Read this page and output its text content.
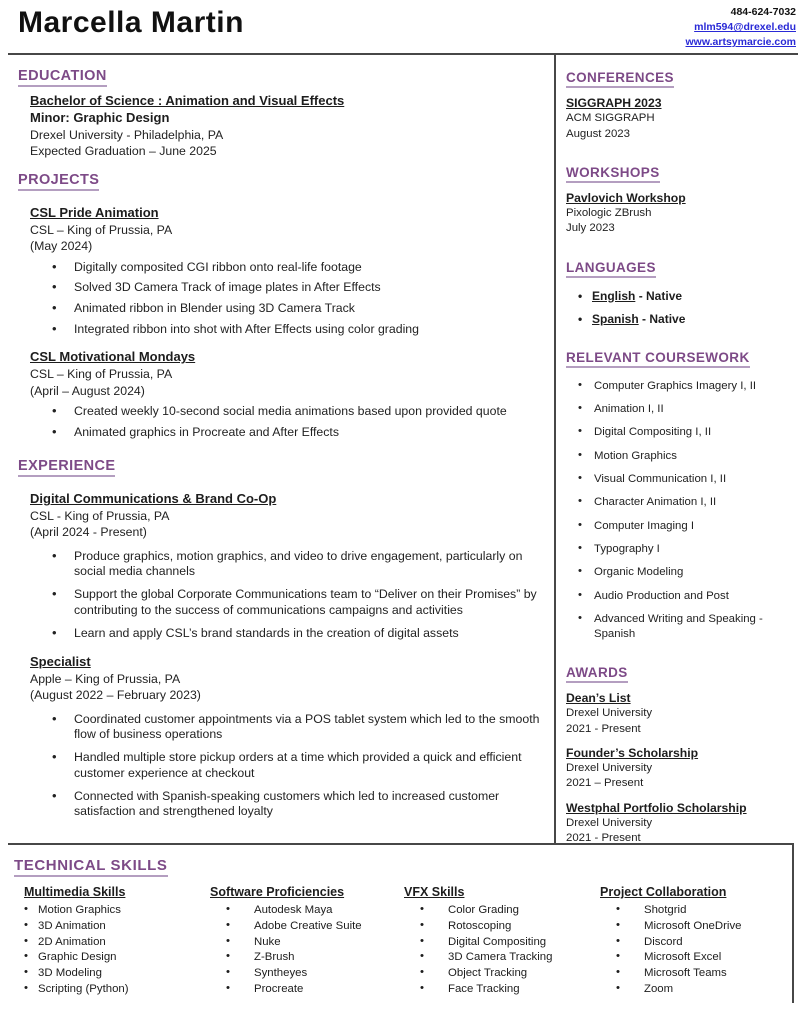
Marcella Martin	484-624-7032
mlm594@drexel.edu
www.artsymarcie.com
EDUCATION
Bachelor of Science : Animation and Visual Effects
Minor: Graphic Design
Drexel University - Philadelphia, PA
Expected Graduation – June 2025
PROJECTS
CSL Pride Animation
CSL – King of Prussia, PA
(May 2024)
• Digitally composited CGI ribbon onto real-life footage
• Solved 3D Camera Track of image plates in After Effects
• Animated ribbon in Blender using 3D Camera Track
• Integrated ribbon into shot with After Effects using color grading
CSL Motivational Mondays
CSL – King of Prussia, PA
(April – August 2024)
• Created weekly 10-second social media animations based upon provided quote
• Animated graphics in Procreate and After Effects
EXPERIENCE
Digital Communications & Brand Co-Op
CSL - King of Prussia, PA
(April 2024 - Present)
• Produce graphics, motion graphics, and video to drive engagement, particularly on social media channels
• Support the global Corporate Communications team to “Deliver on their Promises” by contributing to the success of communications campaigns and activities
• Learn and apply CSL’s brand standards in the creation of digital assets
Specialist
Apple – King of Prussia, PA
(August 2022 – February 2023)
• Coordinated customer appointments via a POS tablet system which led to the smooth flow of business operations
• Handled multiple store pickup orders at a time which provided a quick and efficient customer experience at checkout
• Connected with Spanish-speaking customers which led to increased customer satisfaction and strengthened loyalty
CONFERENCES
SIGGRAPH 2023
ACM SIGGRAPH
August 2023
WORKSHOPS
Pavlovich Workshop
Pixologic ZBrush
July 2023
LANGUAGES
• English - Native
• Spanish - Native
RELEVANT COURSEWORK
• Computer Graphics Imagery I, II
• Animation I, II
• Digital Compositing I, II
• Motion Graphics
• Visual Communication I, II
• Character Animation I, II
• Computer Imaging I
• Typography I
• Organic Modeling
• Audio Production and Post
• Advanced Writing and Speaking - Spanish
AWARDS
Dean’s List
Drexel University
2021 - Present
Founder’s Scholarship
Drexel University
2021 – Present
Westphal Portfolio Scholarship
Drexel University
2021 - Present
TECHNICAL SKILLS
Multimedia Skills
• Motion Graphics
• 3D Animation
• 2D Animation
• Graphic Design
• 3D Modeling
• Scripting (Python)
Software Proficiencies
• Autodesk Maya
• Adobe Creative Suite
• Nuke
• Z-Brush
• Syntheyes
• Procreate
VFX Skills
• Color Grading
• Rotoscoping
• Digital Compositing
• 3D Camera Tracking
• Object Tracking
• Face Tracking
Project Collaboration
• Shotgrid
• Microsoft OneDrive
• Discord
• Microsoft Excel
• Microsoft Teams
• Zoom
